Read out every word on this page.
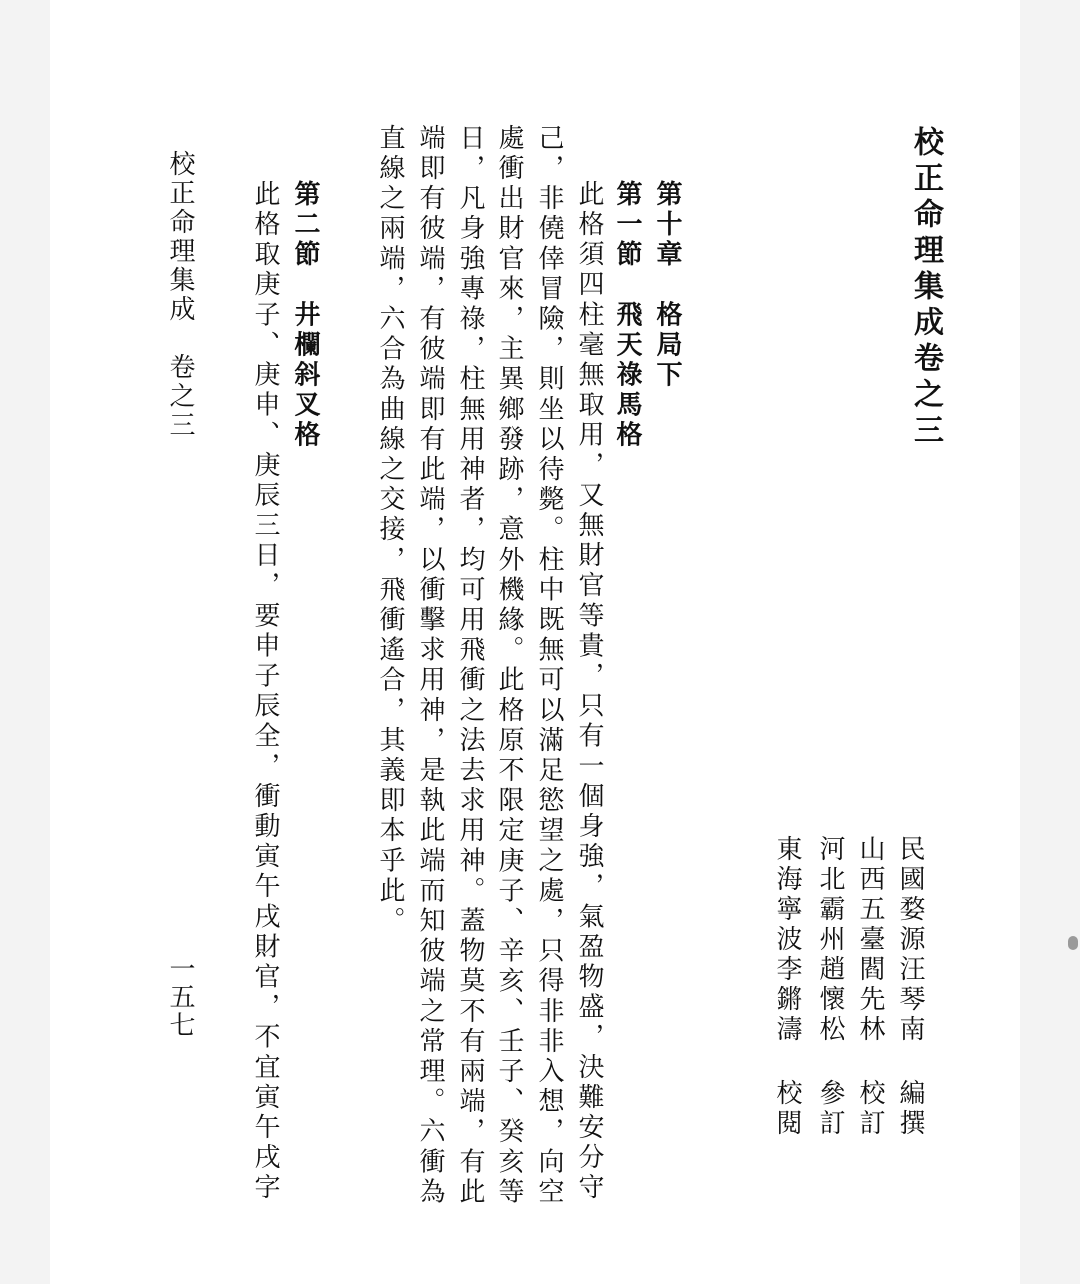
校正命理集成卷之三
民國婺源汪琴南
編撰
山西五臺閻先林
校訂
河北霸州趙懷松
參訂
東海寧波李鏘濤
校閱
第十章　格局下
第一節　飛天祿馬格
此格須四柱毫無取用，又無財官等貴，只有一個身強，氣盈物盛，決難安分守
己，非僥倖冒險，則坐以待斃。柱中既無可以滿足慾望之處，只得非非入想，向空
處衝出財官來，主異鄉發跡，意外機緣。此格原不限定庚子、辛亥、壬子、癸亥等
日，凡身強專祿，柱無用神者，均可用飛衝之法去求用神。蓋物莫不有兩端，有此
端即有彼端，有彼端即有此端，以衝擊求用神，是執此端而知彼端之常理。六衝為
直線之兩端，六合為曲線之交接，飛衝遙合，其義即本乎此。
第二節　井欄斜叉格
此格取庚子、庚申、庚辰三日，要申子辰全，衝動寅午戌財官，不宜寅午戌字
校正命理集成　卷之三
一五七
